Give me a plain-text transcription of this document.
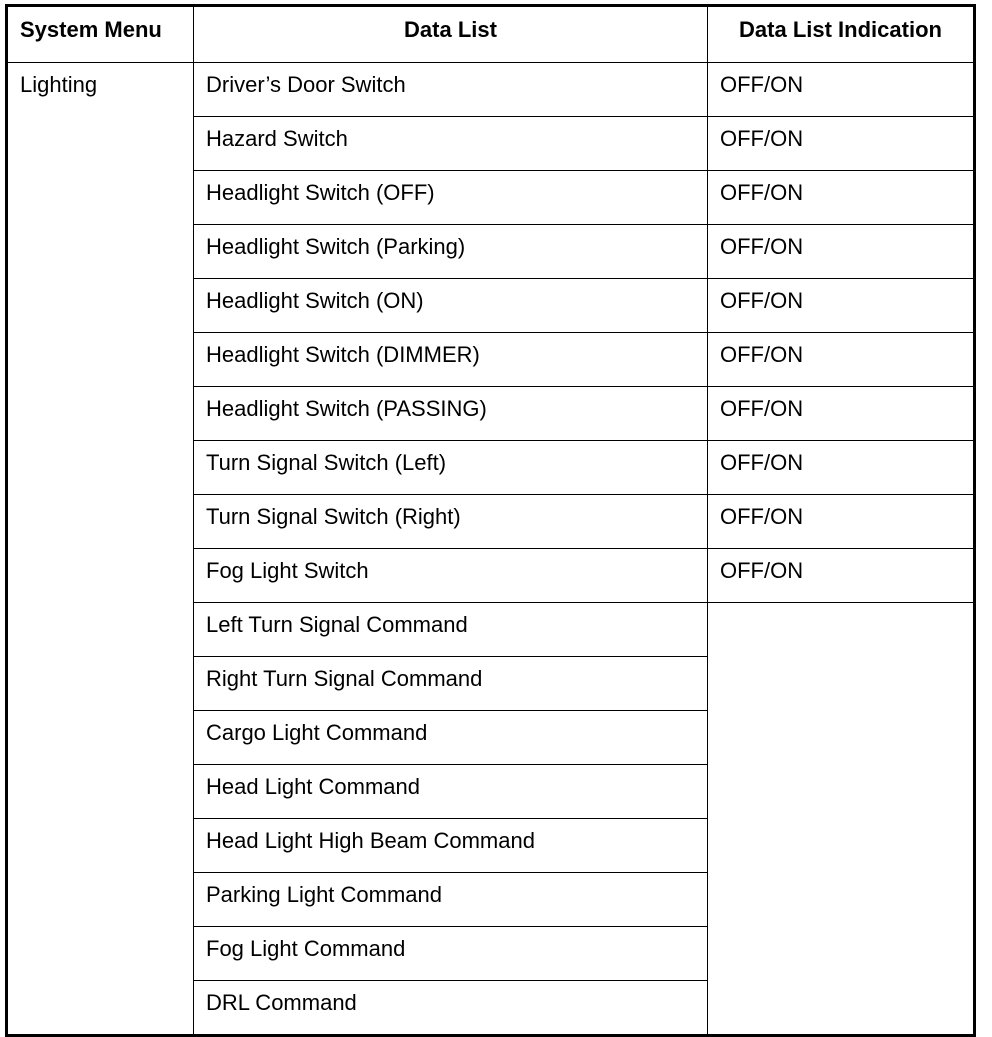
System Menu	Data List	Data List Indication
Lighting	Driver’s Door Switch	OFF/ON
	Hazard Switch	OFF/ON
	Headlight Switch (OFF)	OFF/ON
	Headlight Switch (Parking)	OFF/ON
	Headlight Switch (ON)	OFF/ON
	Headlight Switch (DIMMER)	OFF/ON
	Headlight Switch (PASSING)	OFF/ON
	Turn Signal Switch (Left)	OFF/ON
	Turn Signal Switch (Right)	OFF/ON
	Fog Light Switch	OFF/ON
	Left Turn Signal Command	
	Right Turn Signal Command	
	Cargo Light Command	
	Head Light Command	
	Head Light High Beam Command	
	Parking Light Command	
	Fog Light Command	
	DRL Command	
